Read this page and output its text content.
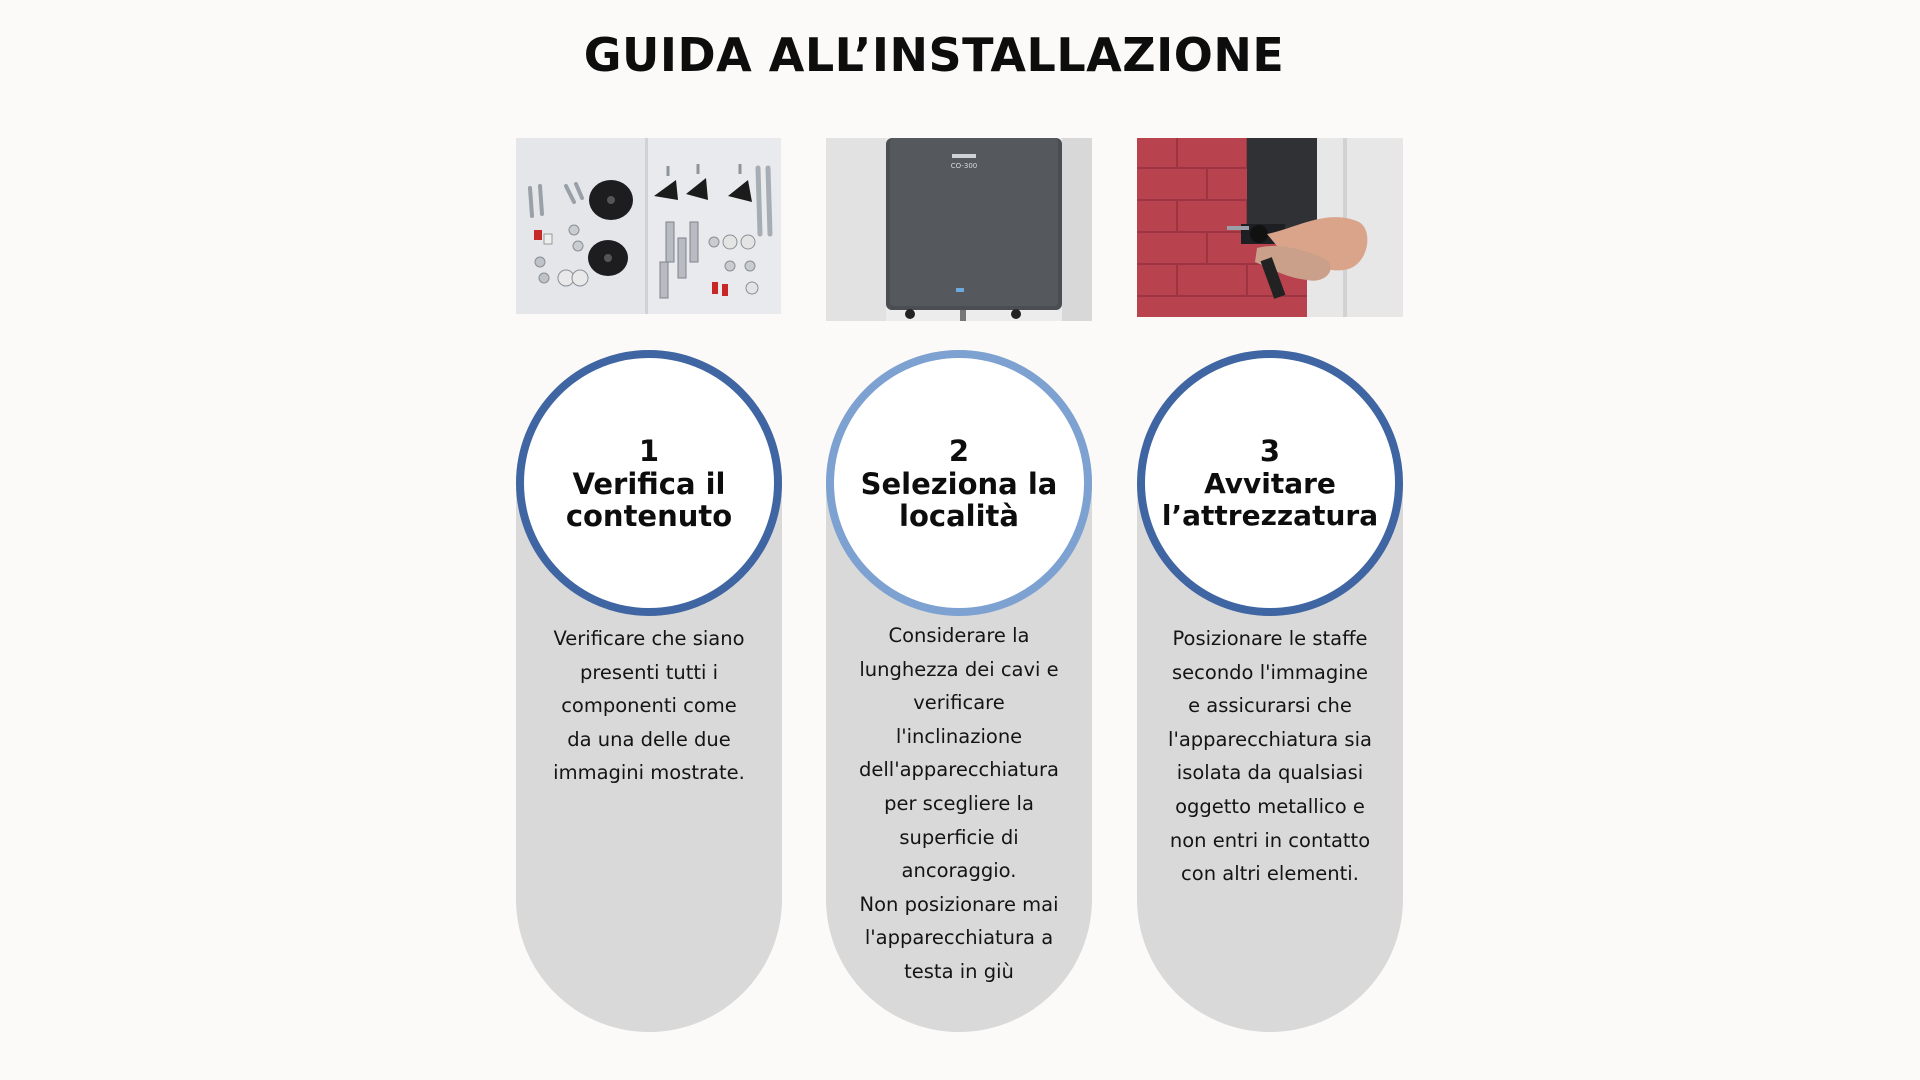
GUIDA ALL’INSTALLAZIONE
CO-300
1
Verifica il contenuto
Verificare che siano
presenti tutti i
componenti come
da una delle due
immagini mostrate.
2
Seleziona la località
Considerare la
lunghezza dei cavi e
verificare
l'inclinazione
dell'apparecchiatura
per scegliere la
superficie di
ancoraggio.
Non posizionare mai
l'apparecchiatura a
testa in giù
3
Avvitare l’attrezzatura
Posizionare le staffe
secondo l'immagine
e assicurarsi che
l'apparecchiatura sia
isolata da qualsiasi
oggetto metallico e
non entri in contatto
con altri elementi.
